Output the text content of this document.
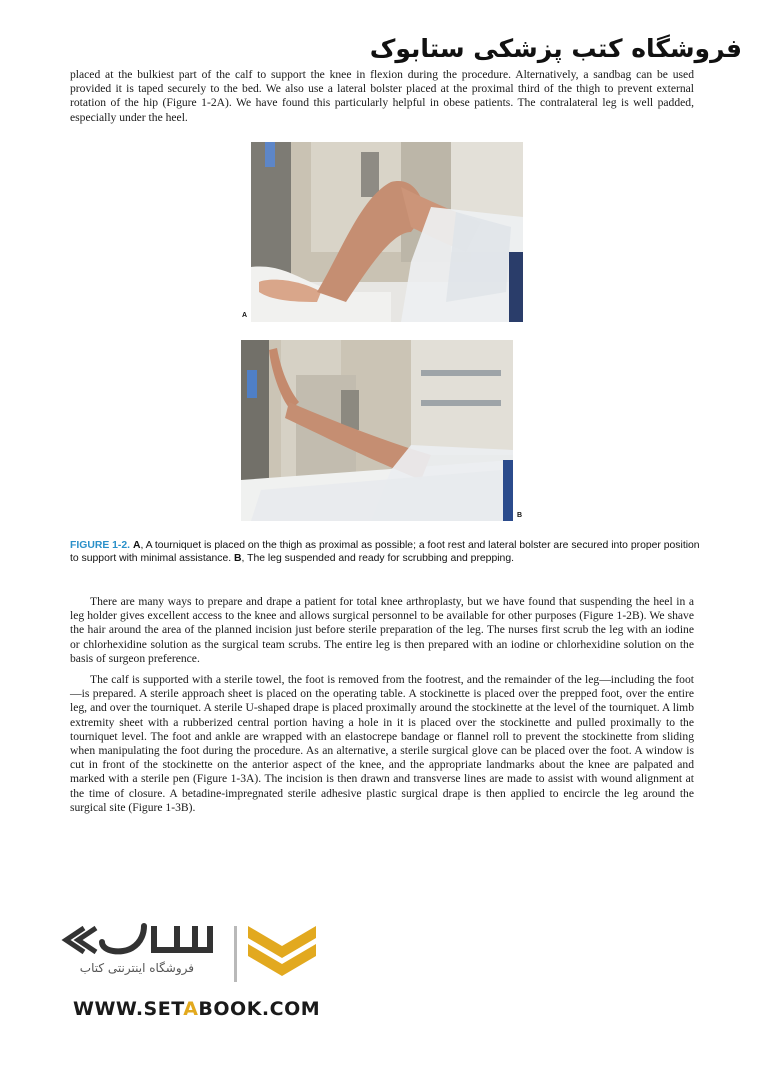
فروشگاه کتب پزشکی ستابوک

placed at the bulkiest part of the calf to support the knee in flexion during the procedure. Alternatively, a sandbag can be used provided it is taped securely to the bed. We also use a lateral bolster placed at the proximal third of the thigh to prevent external rotation of the hip (Figure 1-2A). We have found this particularly helpful in obese patients. The contralateral leg is well padded, especially under the heel.

A
B

FIGURE 1-2. A, A tourniquet is placed on the thigh as proximal as possible; a foot rest and lateral bolster are secured into proper position to support with minimal assistance. B, The leg suspended and ready for scrubbing and prepping.

There are many ways to prepare and drape a patient for total knee arthroplasty, but we have found that suspending the heel in a leg holder gives excellent access to the knee and allows surgical personnel to be available for other purposes (Figure 1-2B). We shave the hair around the area of the planned incision just before sterile preparation of the leg. The nurses first scrub the leg with an iodine or chlorhexidine solution as the surgical team scrubs. The entire leg is then prepared with an iodine or chlorhexidine solution on the basis of surgeon preference.

The calf is supported with a sterile towel, the foot is removed from the footrest, and the remainder of the leg—including the foot—is prepared. A sterile approach sheet is placed on the operating table. A stockinette is placed over the prepped foot, over the entire leg, and over the tourniquet. A sterile U-shaped drape is placed proximally around the stockinette at the level of the tourniquet. A limb extremity sheet with a rubberized central portion having a hole in it is placed over the stockinette and pulled proximally to the tourniquet level. The foot and ankle are wrapped with an elastocrepe bandage or flannel roll to prevent the stockinette from sliding when manipulating the foot during the procedure. As an alternative, a sterile surgical glove can be placed over the foot. A window is cut in front of the stockinette on the anterior aspect of the knee, and the appropriate landmarks about the knee are palpated and marked with a sterile pen (Figure 1-3A). The incision is then drawn and transverse lines are made to assist with wound alignment at the time of closure. A betadine-impregnated sterile adhesive plastic surgical drape is then applied to encircle the leg around the surgical site (Figure 1-3B).

فروشگاه اینترنتی کتاب
WWW.SETABOOK.COM
